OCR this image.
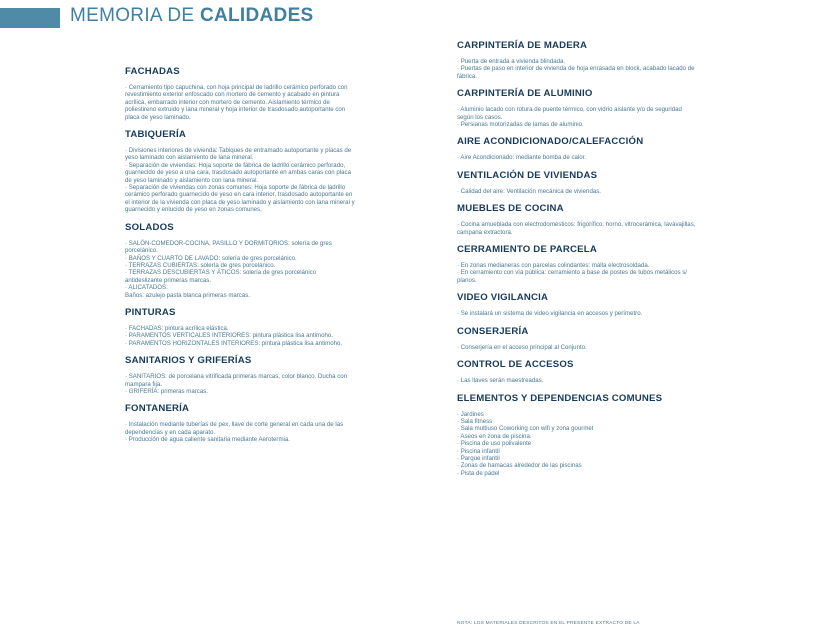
MEMORIA DE CALIDADES
FACHADAS
· Cerramiento tipo capuchina, con hoja principal de ladrillo cerámico perforado con revestimiento exterior enfoscado con mortero de cemento y acabado en pintura acrílica, embarrado interior con mortero de cemento. Aislamiento térmico de poliestireno extruido y lana mineral y hoja interior de trasdosado autoportante con placa de yeso laminado.
TABIQUERÍA
· Divisiones interiores de vivienda: Tabiques de entramado autoportante y placas de yeso laminado con aislamiento de lana mineral.
· Separación de viviendas: Hoja soporte de fábrica de ladrillo cerámico perforado, guarnecido de yeso a una cara, trasdosado autoportante en ambas caras con placa de yeso laminado y aislamiento con lana mineral.
· Separación de viviendas con zonas comunes: Hoja soporte de fábrica de ladrillo cerámico perforado guarnecido de yeso en cara interior, trasdosado autoportante en el interior de la vivienda con placa de yeso laminado y aislamiento con lana mineral y guarnecido y enlucido de yeso en zonas comunes.
SOLADOS
· SALÓN-COMEDOR-COCINA, PASILLO Y DORMITORIOS: solería de gres porcelánico.
· BAÑOS Y CUARTO DE LAVADO: solería de gres porcelánico.
· TERRAZAS CUBIERTAS: solería de gres porcelánico.
· TERRAZAS DESCUBIERTAS Y ÁTICOS: solería de gres porcelánico antideslizante primeras marcas.
· ALICATADOS:
Baños: azulejo pasta blanca primeras marcas.
PINTURAS
· FACHADAS: pintura acrílica elástica.
· PARAMENTOS VERTICALES INTERIORES: pintura plástica lisa antimoho.
· PARAMENTOS HORIZONTALES INTERIORES: pintura plástica lisa antimoho.
SANITARIOS Y GRIFERÍAS
· SANITARIOS: de porcelana vitrificada primeras marcas, color blanco. Ducha con mampara fija.
· GRIFERÍA: primeras marcas.
FONTANERÍA
· Instalación mediante tuberías de pex, llave de corte general en cada una de las dependencias y en cada aparato.
· Producción de agua caliente sanitaria mediante Aerotermia.
CARPINTERÍA DE MADERA
· Puerta de entrada a vivienda blindada.
· Puertas de paso en interior de vivienda de hoja enrasada en block, acabado lacado de fábrica.
CARPINTERÍA DE ALUMINIO
· Aluminio lacado con rotura de puente térmico, con vidrio aislante y/o de seguridad según los casos.
· Persianas motorizadas de lamas de aluminio.
AIRE ACONDICIONADO/CALEFACCIÓN
· Aire Acondicionado: mediante bomba de calor.
VENTILACIÓN DE VIVIENDAS
· Calidad del aire: Ventilación mecánica de viviendas.
MUEBLES DE COCINA
· Cocina amueblada con electrodomésticos: frigorífico, horno, vitrocerámica, lavavajillas, campana extractora.
CERRAMIENTO DE PARCELA
· En zonas medianeras con parcelas colindantes: malla electrosoldada.
· En cerramiento con vía pública: cerramiento a base de postes de tubos metálicos s/ planos.
VIDEO VIGILANCIA
· Se instalará un sistema de video vigilancia en accesos y perímetro.
CONSERJERÍA
· Conserjería en el acceso principal al Conjunto.
CONTROL DE ACCESOS
· Las llaves serán maestreadas.
ELEMENTOS Y DEPENDENCIAS COMUNES
· Jardines
· Sala fitness
· Sala multiuso Coworking con wifi y zona gourmet
· Aseos en zona de piscina.
· Piscina de uso polivalente
· Piscina infantil
· Parque infantil
· Zonas de hamacas alrededor de las piscinas
· Pista de pádel
NOTA: LOS MATERIALES DESCRITOS EN EL PRESENTE EXTRACTO DE LA
